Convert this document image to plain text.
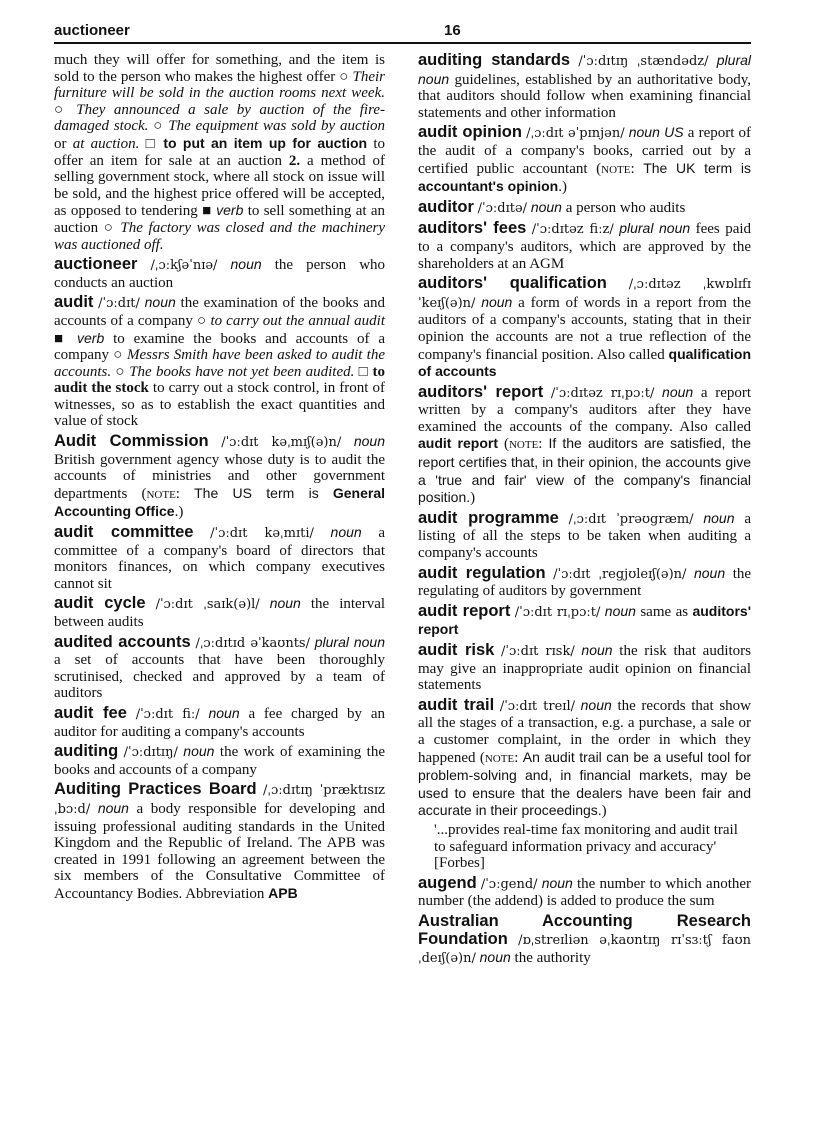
auctioneer	16
much they will offer for something, and the item is sold to the person who makes the highest offer ○ Their furniture will be sold in the auction rooms next week. ○ They announced a sale by auction of the fire-damaged stock. ○ The equipment was sold by auction or at auction. □ to put an item up for auction to offer an item for sale at an auction 2. a method of selling government stock, where all stock on issue will be sold, and the highest price offered will be accepted, as opposed to tendering ■ verb to sell something at an auction ○ The factory was closed and the machinery was auctioned off.
auctioneer /ˌɔːkʃəˈnɪə/ noun the person who conducts an auction
audit /ˈɔːdɪt/ noun the examination of the books and accounts of a company ○ to carry out the annual audit ■ verb to examine the books and accounts of a company ○ Messrs Smith have been asked to audit the accounts. ○ The books have not yet been audited. □ to audit the stock to carry out a stock control, in front of witnesses, so as to establish the exact quantities and value of stock
Audit Commission /ˈɔːdɪt kəˌmɪʃ(ə)n/ noun British government agency whose duty is to audit the accounts of ministries and other government departments (NOTE: The US term is General Accounting Office.)
audit committee /ˈɔːdɪt kəˌmɪti/ noun a committee of a company's board of directors that monitors finances, on which company executives cannot sit
audit cycle /ˈɔːdɪt ˌsaɪk(ə)l/ noun the interval between audits
audited accounts /ˌɔːdɪtɪd əˈkaʊnts/ plural noun a set of accounts that have been thoroughly scrutinised, checked and approved by a team of auditors
audit fee /ˈɔːdɪt fiː/ noun a fee charged by an auditor for auditing a company's accounts
auditing /ˈɔːdɪtɪŋ/ noun the work of examining the books and accounts of a company
Auditing Practices Board /ˌɔːdɪtɪŋ ˈpræktɪsɪz ˌbɔːd/ noun a body responsible for developing and issuing professional auditing standards in the United Kingdom and the Republic of Ireland. The APB was created in 1991 following an agreement between the six members of the Consultative Committee of Accountancy Bodies. Abbreviation APB
auditing standards /ˈɔːdɪtɪŋ ˌstændədz/ plural noun guidelines, established by an authoritative body, that auditors should follow when examining financial statements and other information
audit opinion /ˌɔːdɪt əˈpɪnjən/ noun US a report of the audit of a company's books, carried out by a certified public accountant (NOTE: The UK term is accountant's opinion.)
auditor /ˈɔːdɪtə/ noun a person who audits
auditors' fees /ˈɔːdɪtəz fiːz/ plural noun fees paid to a company's auditors, which are approved by the shareholders at an AGM
auditors' qualification /ˌɔːdɪtəz ˌkwɒlɪfɪˈkeɪʃ(ə)n/ noun a form of words in a report from the auditors of a company's accounts, stating that in their opinion the accounts are not a true reflection of the company's financial position. Also called qualification of accounts
auditors' report /ˈɔːdɪtəz rɪˌpɔːt/ noun a report written by a company's auditors after they have examined the accounts of the company. Also called audit report (NOTE: If the auditors are satisfied, the report certifies that, in their opinion, the accounts give a 'true and fair' view of the company's financial position.)
audit programme /ˌɔːdɪt ˈprəʊgræm/ noun a listing of all the steps to be taken when auditing a company's accounts
audit regulation /ˈɔːdɪt ˌregjʊleɪʃ(ə)n/ noun the regulating of auditors by government
audit report /ˈɔːdɪt rɪˌpɔːt/ noun same as auditors' report
audit risk /ˈɔːdɪt rɪsk/ noun the risk that auditors may give an inappropriate audit opinion on financial statements
audit trail /ˈɔːdɪt treɪl/ noun the records that show all the stages of a transaction, e.g. a purchase, a sale or a customer complaint, in the order in which they happened (NOTE: An audit trail can be a useful tool for problem-solving and, in financial markets, may be used to ensure that the dealers have been fair and accurate in their proceedings.)
'...provides real-time fax monitoring and audit trail to safeguard information privacy and accuracy' [Forbes]
augend /ˈɔːgend/ noun the number to which another number (the addend) is added to produce the sum
Australian Accounting Research Foundation /ɒˌstreɪliən əˌkaʊntɪŋ rɪˈsɜːtʃ faʊnˌdeɪʃ(ə)n/ noun the authority
